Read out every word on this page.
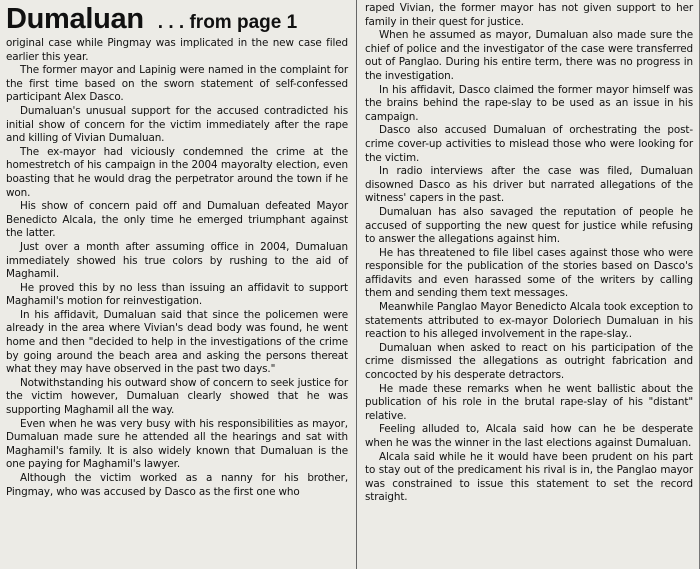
Dumaluan . . . from page 1

original case while Pingmay was implicated in the new case filed earlier this year.

The former mayor and Lapinig were named in the complaint for the first time based on the sworn statement of self-confessed participant Alex Dasco.

Dumaluan's unusual support for the accused contradicted his initial show of concern for the victim immediately after the rape and killing of Vivian Dumaluan.

The ex-mayor had viciously condemned the crime at the homestretch of his campaign in the 2004 mayoralty election, even boasting that he would drag the perpetrator around the town if he won.

His show of concern paid off and Dumaluan defeated Mayor Benedicto Alcala, the only time he emerged triumphant against the latter.

Just over a month after assuming office in 2004, Dumaluan immediately showed his true colors by rushing to the aid of Maghamil.

He proved this by no less than issuing an affidavit to support Maghamil's motion for reinvestigation.

In his affidavit, Dumaluan said that since the policemen were already in the area where Vivian's dead body was found, he went home and then "decided to help in the investigations of the crime by going around the beach area and asking the persons thereat what they may have observed in the past two days."

Notwithstanding his outward show of concern to seek justice for the victim however, Dumaluan clearly showed that he was supporting Maghamil all the way.

Even when he was very busy with his responsibilities as mayor, Dumaluan made sure he attended all the hearings and sat with Maghamil's family. It is also widely known that Dumaluan is the one paying for Maghamil's lawyer.

Although the victim worked as a nanny for his brother, Pingmay, who was accused by Dasco as the first one who

raped Vivian, the former mayor has not given support to her family in their quest for justice.

When he assumed as mayor, Dumaluan also made sure the chief of police and the investigator of the case were transferred out of Panglao. During his entire term, there was no progress in the investigation.

In his affidavit, Dasco claimed the former mayor himself was the brains behind the rape-slay to be used as an issue in his campaign.

Dasco also accused Dumaluan of orchestrating the post-crime cover-up activities to mislead those who were looking for the victim.

In radio interviews after the case was filed, Dumaluan disowned Dasco as his driver but narrated allegations of the witness' capers in the past.

Dumaluan has also savaged the reputation of people he accused of supporting the new quest for justice while refusing to answer the allegations against him.

He has threatened to file libel cases against those who were responsible for the publication of the stories based on Dasco's affidavits and even harassed some of the writers by calling them and sending them text messages.

Meanwhile Panglao Mayor Benedicto Alcala took exception to statements attributed to ex-mayor Doloriech Dumaluan in his reaction to his alleged involvement in the rape-slay..

Dumaluan when asked to react on his participation of the crime dismissed the allegations as outright fabrication and concocted by his desperate detractors.

He made these remarks when he went ballistic about the publication of his role in the brutal rape-slay of his "distant" relative.

Feeling alluded to, Alcala said how can he be desperate when he was the winner in the last elections against Dumaluan.

Alcala said while he it would have been prudent on his part to stay out of the predicament his rival is in, the Panglao mayor was constrained to issue this statement to set the record straight.
